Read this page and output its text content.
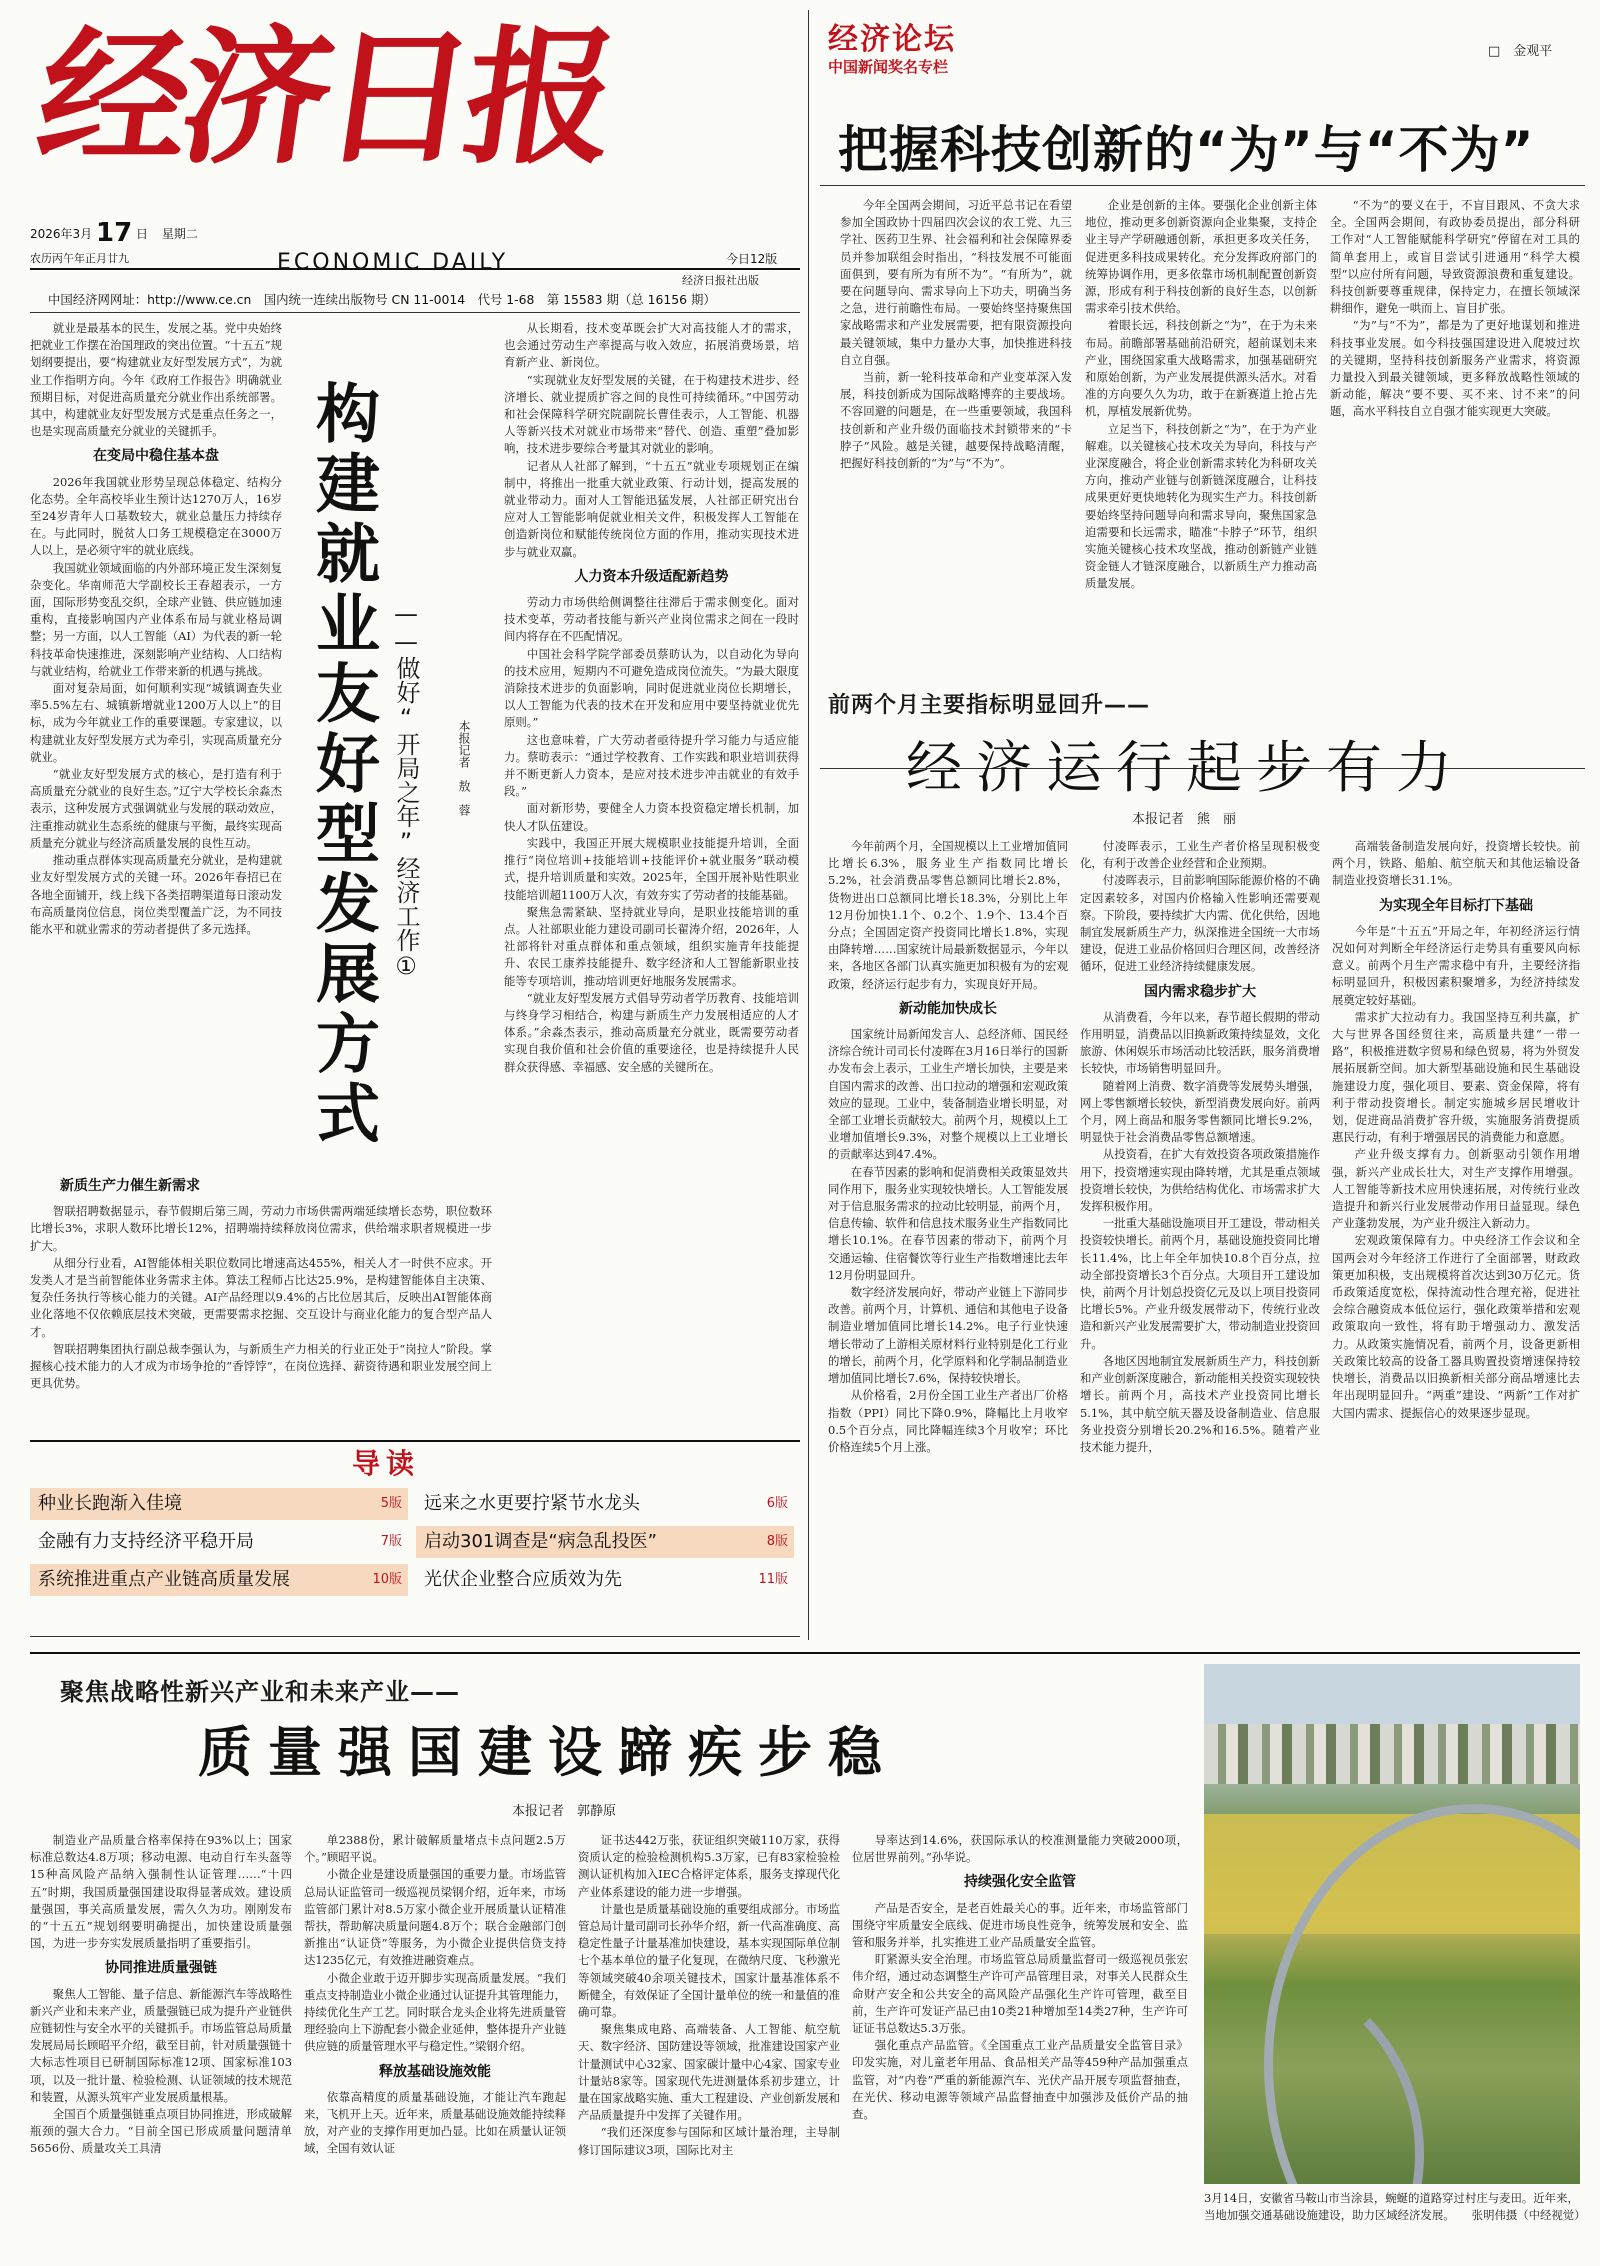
经济日报
2026年3月 17 日 星期二
农历丙午年正月廿九	ECONOMIC DAILY	今日12版
经济日报社出版
中国经济网网址：http://www.ce.cn　国内统一连续出版物号 CN 11-0014　代号 1-68　第 15583 期（总 16156 期）
经济论坛
中国新闻奖名专栏
□　金观平
把握科技创新的“为”与“不为”

今年全国两会期间，习近平总书记在看望参加全国政协十四届四次会议的农工党、九三学社、医药卫生界、社会福利和社会保障界委员并参加联组会时指出，“科技发展不可能面面俱到，要有所为有所不为”。“有所为”，就要在问题导向、需求导向上下功夫，明确当务之急，进行前瞻性布局。一要始终坚持聚焦国家战略需求和产业发展需要，把有限资源投向最关键领域，集中力量办大事，加快推进科技自立自强。

当前，新一轮科技革命和产业变革深入发展，科技创新成为国际战略博弈的主要战场。不容回避的问题是，在一些重要领域，我国科技创新和产业升级仍面临技术封锁带来的“卡脖子”风险。越是关键，越要保持战略清醒，把握好科技创新的“为”与“不为”。

企业是创新的主体。要强化企业创新主体地位，推动更多创新资源向企业集聚，支持企业主导产学研融通创新，承担更多攻关任务，促进更多科技成果转化。充分发挥政府部门的统筹协调作用，更多依靠市场机制配置创新资源，形成有利于科技创新的良好生态，以创新需求牵引技术供给。

着眼长远，科技创新之“为”，在于为未来布局。前瞻部署基础前沿研究，超前谋划未来产业，围绕国家重大战略需求，加强基础研究和原始创新，为产业发展提供源头活水。对看准的方向要久久为功，敢于在新赛道上抢占先机，厚植发展新优势。

立足当下，科技创新之“为”，在于为产业解难。以关键核心技术攻关为导向，科技与产业深度融合，将企业创新需求转化为科研攻关方向，推动产业链与创新链深度融合，让科技成果更好更快地转化为现实生产力。科技创新要始终坚持问题导向和需求导向，聚焦国家急迫需要和长远需求，瞄准“卡脖子”环节，组织实施关键核心技术攻坚战，推动创新链产业链资金链人才链深度融合，以新质生产力推动高质量发展。

“不为”的要义在于，不盲目跟风、不贪大求全。全国两会期间，有政协委员提出，部分科研工作对“人工智能赋能科学研究”停留在对工具的简单套用上，或盲目尝试引进通用“科学大模型”以应付所有问题，导致资源浪费和重复建设。科技创新要尊重规律，保持定力，在擅长领域深耕细作，避免一哄而上、盲目扩张。

“为”与“不为”，都是为了更好地谋划和推进科技事业发展。如今科技强国建设进入爬坡过坎的关键期，坚持科技创新服务产业需求，将资源力量投入到最关键领域，更多释放战略性领域的新动能，解决“要不要、买不来、讨不来”的问题，高水平科技自立自强才能实现更大突破。

就业是最基本的民生，发展之基。党中央始终把就业工作摆在治国理政的突出位置。“十五五”规划纲要提出，要“构建就业友好型发展方式”，为就业工作指明方向。今年《政府工作报告》明确就业预期目标，对促进高质量充分就业作出系统部署。其中，构建就业友好型发展方式是重点任务之一，也是实现高质量充分就业的关键抓手。

在变局中稳住基本盘

2026年我国就业形势呈现总体稳定、结构分化态势。全年高校毕业生预计达1270万人，16岁至24岁青年人口基数较大，就业总量压力持续存在。与此同时，脱贫人口务工规模稳定在3000万人以上，是必须守牢的就业底线。

我国就业领域面临的内外部环境正发生深刻复杂变化。华南师范大学副校长王春超表示，一方面，国际形势变乱交织，全球产业链、供应链加速重构，直接影响国内产业体系布局与就业格局调整；另一方面，以人工智能（AI）为代表的新一轮科技革命快速推进，深刻影响产业结构、人口结构与就业结构，给就业工作带来新的机遇与挑战。

面对复杂局面，如何顺利实现“城镇调查失业率5.5%左右、城镇新增就业1200万人以上”的目标，成为今年就业工作的重要课题。专家建议，以构建就业友好型发展方式为牵引，实现高质量充分就业。

“就业友好型发展方式的核心，是打造有利于高质量充分就业的良好生态。”辽宁大学校长余淼杰表示，这种发展方式强调就业与发展的联动效应，注重推动就业生态系统的健康与平衡，最终实现高质量充分就业与经济高质量发展的良性互动。

推动重点群体实现高质量充分就业，是构建就业友好型发展方式的关键一环。2026年春招已在各地全面铺开，线上线下各类招聘渠道每日滚动发布高质量岗位信息，岗位类型覆盖广泛，为不同技能水平和就业需求的劳动者提供了多元选择。 构建就业友好型发展方式 ——做好“开局之年”经济工作①	本报记者　敖　蓉
新质生产力催生新需求

智联招聘数据显示，春节假期后第三周，劳动力市场供需两端延续增长态势，职位数环比增长3%，求职人数环比增长12%，招聘端持续释放岗位需求，供给端求职者规模进一步扩大。

从细分行业看，AI智能体相关职位数同比增速高达455%，相关人才一时供不应求。开发类人才是当前智能体业务需求主体。算法工程师占比达25.9%，是构建智能体自主决策、复杂任务执行等核心能力的关键。AI产品经理以9.4%的占比位居其后，反映出AI智能体商业化落地不仅依赖底层技术突破，更需要需求挖掘、交互设计与商业化能力的复合型产品人才。

智联招聘集团执行副总裁李强认为，与新质生产力相关的行业正处于“岗拉人”阶段。掌握核心技术能力的人才成为市场争抢的“香饽饽”，在岗位选择、薪资待遇和职业发展空间上更具优势。

从长期看，技术变革既会扩大对高技能人才的需求，也会通过劳动生产率提高与收入效应，拓展消费场景，培育新产业、新岗位。

“实现就业友好型发展的关键，在于构建技术进步、经济增长、就业提质扩容之间的良性可持续循环。”中国劳动和社会保障科学研究院副院长曹佳表示，人工智能、机器人等新兴技术对就业市场带来“替代、创造、重塑”叠加影响，技术进步要综合考量其对就业的影响。

记者从人社部了解到，“十五五”就业专项规划正在编制中，将推出一批重大就业政策、行动计划，提高发展的就业带动力。面对人工智能迅猛发展，人社部正研究出台应对人工智能影响促就业相关文件，积极发挥人工智能在创造新岗位和赋能传统岗位方面的作用，推动实现技术进步与就业双赢。

人力资本升级适配新趋势

劳动力市场供给侧调整往往滞后于需求侧变化。面对技术变革，劳动者技能与新兴产业岗位需求之间在一段时间内将存在不匹配情况。

中国社会科学院学部委员蔡昉认为，以自动化为导向的技术应用，短期内不可避免造成岗位流失。“为最大限度消除技术进步的负面影响，同时促进就业岗位长期增长，以人工智能为代表的技术在开发和应用中要坚持就业优先原则。”

这也意味着，广大劳动者亟待提升学习能力与适应能力。蔡昉表示：“通过学校教育、工作实践和职业培训获得并不断更新人力资本，是应对技术进步冲击就业的有效手段。”

面对新形势，要健全人力资本投资稳定增长机制，加快人才队伍建设。

实践中，我国正开展大规模职业技能提升培训，全面推行“岗位培训+技能培训+技能评价+就业服务”联动模式，提升培训质量和实效。2025年，全国开展补贴性职业技能培训超1100万人次，有效夯实了劳动者的技能基础。

聚焦急需紧缺、坚持就业导向，是职业技能培训的重点。人社部职业能力建设司副司长翟涛介绍，2026年，人社部将针对重点群体和重点领域，组织实施青年技能提升、农民工康养技能提升、数字经济和人工智能新职业技能等专项培训，推动培训更好地服务发展需求。

“就业友好型发展方式倡导劳动者学历教育、技能培训与终身学习相结合，构建与新质生产力发展相适应的人才体系。”余淼杰表示，推动高质量充分就业，既需要劳动者实现自我价值和社会价值的重要途径，也是持续提升人民群众获得感、幸福感、安全感的关键所在。

导读
种业长跑渐入佳境	5版	远来之水更要拧紧节水龙头	6版
金融有力支持经济平稳开局	7版	启动301调查是“病急乱投医”	8版
系统推进重点产业链高质量发展	10版	光伏企业整合应质效为先	11版
前两个月主要指标明显回升——
经济运行起步有力
本报记者　熊　丽

今年前两个月，全国规模以上工业增加值同比增长6.3%，服务业生产指数同比增长5.2%，社会消费品零售总额同比增长2.8%，货物进出口总额同比增长18.3%，分别比上年12月份加快1.1个、0.2个、1.9个、13.4个百分点；全国固定资产投资同比增长1.8%，实现由降转增……国家统计局最新数据显示，今年以来，各地区各部门认真实施更加积极有为的宏观政策，经济运行起步有力，实现良好开局。

新动能加快成长

国家统计局新闻发言人、总经济师、国民经济综合统计司司长付凌晖在3月16日举行的国新办发布会上表示，工业生产增长加快，主要是来自国内需求的改善、出口拉动的增强和宏观政策效应的显现。工业中，装备制造业增长明显，对全部工业增长贡献较大。前两个月，规模以上工业增加值增长9.3%，对整个规模以上工业增长的贡献率达到47.4%。

在春节因素的影响和促消费相关政策显效共同作用下，服务业实现较快增长。人工智能发展对于信息服务需求的拉动比较明显，前两个月，信息传输、软件和信息技术服务业生产指数同比增长10.1%。在春节因素的带动下，前两个月交通运输、住宿餐饮等行业生产指数增速比去年12月份明显回升。

数字经济发展向好，带动产业链上下游同步改善。前两个月，计算机、通信和其他电子设备制造业增加值同比增长14.2%。电子行业快速增长带动了上游相关原材料行业特别是化工行业的增长，前两个月，化学原料和化学制品制造业增加值同比增长7.6%，保持较快增长。

从价格看，2月份全国工业生产者出厂价格指数（PPI）同比下降0.9%，降幅比上月收窄0.5个百分点，同比降幅连续3个月收窄；环比价格连续5个月上涨。

付凌晖表示，工业生产者价格呈现积极变化，有利于改善企业经营和企业预期。

付凌晖表示，目前影响国际能源价格的不确定因素较多，对国内价格输入性影响还需要观察。下阶段，要持续扩大内需、优化供给，因地制宜发展新质生产力，纵深推进全国统一大市场建设，促进工业品价格回归合理区间，改善经济循环，促进工业经济持续健康发展。

国内需求稳步扩大

从消费看，今年以来，春节超长假期的带动作用明显，消费品以旧换新政策持续显效，文化旅游、休闲娱乐市场活动比较活跃，服务消费增长较快，市场销售明显回升。

随着网上消费、数字消费等发展势头增强，网上零售额增长较快，新型消费发展向好。前两个月，网上商品和服务零售额同比增长9.2%，明显快于社会消费品零售总额增速。

从投资看，在扩大有效投资各项政策措施作用下，投资增速实现由降转增，尤其是重点领域投资增长较快，为供给结构优化、市场需求扩大发挥积极作用。

一批重大基础设施项目开工建设，带动相关投资较快增长。前两个月，基础设施投资同比增长11.4%，比上年全年加快10.8个百分点，拉动全部投资增长3个百分点。大项目开工建设加快，前两个月计划总投资亿元及以上项目投资同比增长5%。产业升级发展带动下，传统行业改造和新兴产业发展需要扩大，带动制造业投资回升。

各地区因地制宜发展新质生产力，科技创新和产业创新深度融合，新动能相关投资实现较快增长。前两个月，高技术产业投资同比增长5.1%，其中航空航天器及设备制造业、信息服务业投资分别增长20.2%和16.5%。随着产业技术能力提升，

高端装备制造发展向好，投资增长较快。前两个月，铁路、船舶、航空航天和其他运输设备制造业投资增长31.1%。

为实现全年目标打下基础

今年是“十五五”开局之年，年初经济运行情况如何对判断全年经济运行走势具有重要风向标意义。前两个月生产需求稳中有升，主要经济指标明显回升，积极因素积聚增多，为经济持续发展奠定较好基础。

需求扩大拉动有力。我国坚持互利共赢，扩大与世界各国经贸往来，高质量共建“一带一路”，积极推进数字贸易和绿色贸易，将为外贸发展拓展新空间。加大新型基础设施和民生基础设施建设力度，强化项目、要素、资金保障，将有利于带动投资增长。制定实施城乡居民增收计划，促进商品消费扩容升级，实施服务消费提质惠民行动，有利于增强居民的消费能力和意愿。

产业升级支撑有力。创新驱动引领作用增强，新兴产业成长壮大，对生产支撑作用增强。人工智能等新技术应用快速拓展，对传统行业改造提升和新兴行业发展带动作用日益显现。绿色产业蓬勃发展，为产业升级注入新动力。

宏观政策保障有力。中央经济工作会议和全国两会对今年经济工作进行了全面部署，财政政策更加积极，支出规模将首次达到30万亿元。货币政策适度宽松，保持流动性合理充裕，促进社会综合融资成本低位运行，强化政策举措和宏观政策取向一致性，将有助于增强动力、激发活力。从政策实施情况看，前两个月，设备更新相关政策比较高的设备工器具购置投资增速保持较快增长，消费品以旧换新相关部分商品增速比去年出现明显回升。“两重”建设、“两新”工作对扩大国内需求、提振信心的效果逐步显现。

聚焦战略性新兴产业和未来产业——
质量强国建设蹄疾步稳
本报记者　郭静原

制造业产品质量合格率保持在93%以上；国家标准总数达4.8万项；移动电源、电动自行车头盔等15种高风险产品纳入强制性认证管理……“十四五”时期，我国质量强国建设取得显著成效。建设质量强国，事关高质量发展，需久久为功。刚刚发布的“十五五”规划纲要明确提出，加快建设质量强国，为进一步夯实发展质量指明了重要指引。

协同推进质量强链

聚焦人工智能、量子信息、新能源汽车等战略性新兴产业和未来产业，质量强链已成为提升产业链供应链韧性与安全水平的关键抓手。市场监管总局质量发展局局长顾昭平介绍，截至目前，针对质量强链十大标志性项目已研制国际标准12项、国家标准103项，以及一批计量、检验检测、认证领域的技术规范和装置，从源头筑牢产业发展质量根基。

全国百个质量强链重点项目协同推进，形成破解瓶颈的强大合力。“目前全国已形成质量问题清单5656份、质量攻关工具清

单2388份，累计破解质量堵点卡点问题2.5万个。”顾昭平说。

小微企业是建设质量强国的重要力量。市场监管总局认证监管司一级巡视员梁钢介绍，近年来，市场监管部门累计对8.5万家小微企业开展质量认证精准帮扶，帮助解决质量问题4.8万个；联合金融部门创新推出“认证贷”等服务，为小微企业提供信贷支持达1235亿元，有效推进融资难点。

小微企业敢于迈开脚步实现高质量发展。“我们重点支持制造业小微企业通过认证提升其管理能力，持续优化生产工艺。同时联合龙头企业将先进质量管理经验向上下游配套小微企业延伸，整体提升产业链供应链的质量管理水平与稳定性。”梁钢介绍。

释放基础设施效能

依靠高精度的质量基础设施，才能让汽车跑起来，飞机开上天。近年来，质量基础设施效能持续释放，对产业的支撑作用更加凸显。比如在质量认证领域，全国有效认证

证书达442万张，获证组织突破110万家，获得资质认定的检验检测机构5.3万家，已有83家检验检测认证机构加入IEC合格评定体系，服务支撑现代化产业体系建设的能力进一步增强。

计量也是质量基础设施的重要组成部分。市场监管总局计量司副司长孙华介绍，新一代高准确度、高稳定性量子计量基准加快建设，基本实现国际单位制七个基本单位的量子化复现，在微纳尺度、飞秒激光等领域突破40余项关键技术，国家计量基准体系不断健全，有效保证了全国计量单位的统一和量值的准确可靠。

聚焦集成电路、高端装备、人工智能、航空航天、数字经济、国防建设等领域，批准建设国家产业计量测试中心32家、国家碳计量中心4家、国家专业计量站8家等。国家现代先进测量体系初步建立，计量在国家战略实施、重大工程建设、产业创新发展和产品质量提升中发挥了关键作用。

“我们还深度参与国际和区域计量治理，主导制修订国际建议3项，国际比对主

导率达到14.6%，获国际承认的校准测量能力突破2000项，位居世界前列。”孙华说。

持续强化安全监管

产品是否安全，是老百姓最关心的事。近年来，市场监管部门围绕守牢质量安全底线、促进市场良性竞争，统筹发展和安全、监管和服务并举，扎实推进工业产品质量安全监管。

盯紧源头安全治理。市场监管总局质量监督司一级巡视员张宏伟介绍，通过动态调整生产许可产品管理目录，对事关人民群众生命财产安全和公共安全的高风险产品强化生产许可管理，截至目前，生产许可发证产品已由10类21种增加至14类27种，生产许可证证书总数达5.3万张。

强化重点产品监管。《全国重点工业产品质量安全监管目录》印发实施，对儿童老年用品、食品相关产品等459种产品加强重点监管，对“内卷”严重的新能源汽车、光伏产品开展专项监督抽查，在光伏、移动电源等领域产品监督抽查中加强涉及低价产品的抽查。

3月14日，安徽省马鞍山市当涂县，蜿蜒的道路穿过村庄与麦田。近年来，当地加强交通基础设施建设，助力区域经济发展。　　张明伟摄（中经视觉）
